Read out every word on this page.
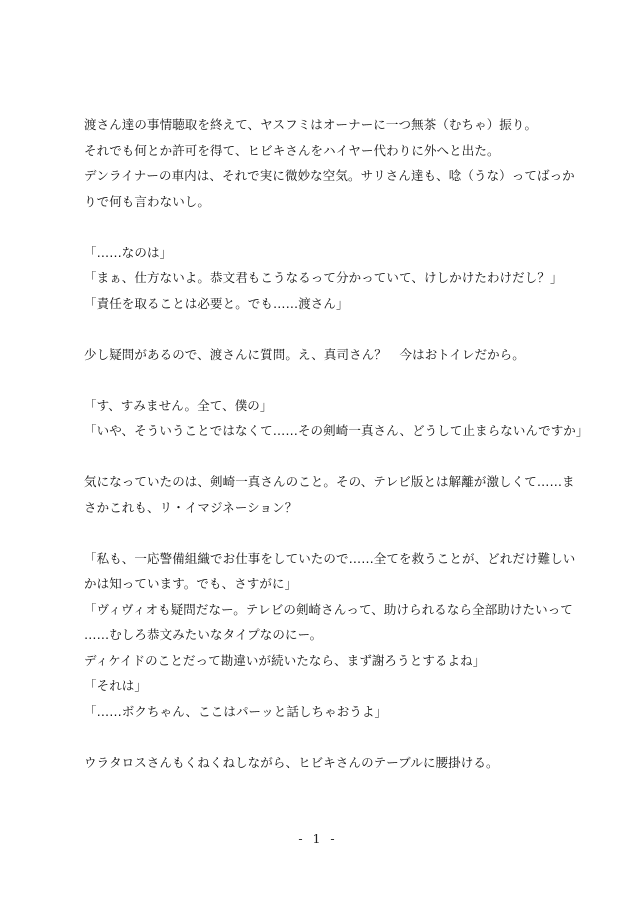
渡さん達の事情聴取を終えて、ヤスフミはオーナーに一つ無茶（むちゃ）振り。
それでも何とか許可を得て、ヒビキさんをハイヤー代わりに外へと出た。
デンライナーの車内は、それで実に微妙な空気。サリさん達も、唸（うな）ってばっか
りで何も言わないし。
「……なのは」
「まぁ、仕方ないよ。恭文君もこうなるって分かっていて、けしかけたわけだし？」
「責任を取ることは必要と。でも……渡さん」
少し疑問があるので、渡さんに質問。え、真司さん？　今はおトイレだから。
「す、すみません。全て、僕の」
「いや、そういうことではなくて……その剣崎一真さん、どうして止まらないんですか」
気になっていたのは、剣崎一真さんのこと。その、テレビ版とは解離が激しくて……ま
さかこれも、リ・イマジネーション？
「私も、一応警備組織でお仕事をしていたので……全てを救うことが、どれだけ難しい
かは知っています。でも、さすがに」
「ヴィヴィオも疑問だなー。テレビの剣崎さんって、助けられるなら全部助けたいって
……むしろ恭文みたいなタイプなのにー。
ディケイドのことだって勘違いが続いたなら、まず謝ろうとするよね」
「それは」
「……ボクちゃん、ここはパーッと話しちゃおうよ」
ウラタロスさんもくねくねしながら、ヒビキさんのテーブルに腰掛ける。
- 1 -
